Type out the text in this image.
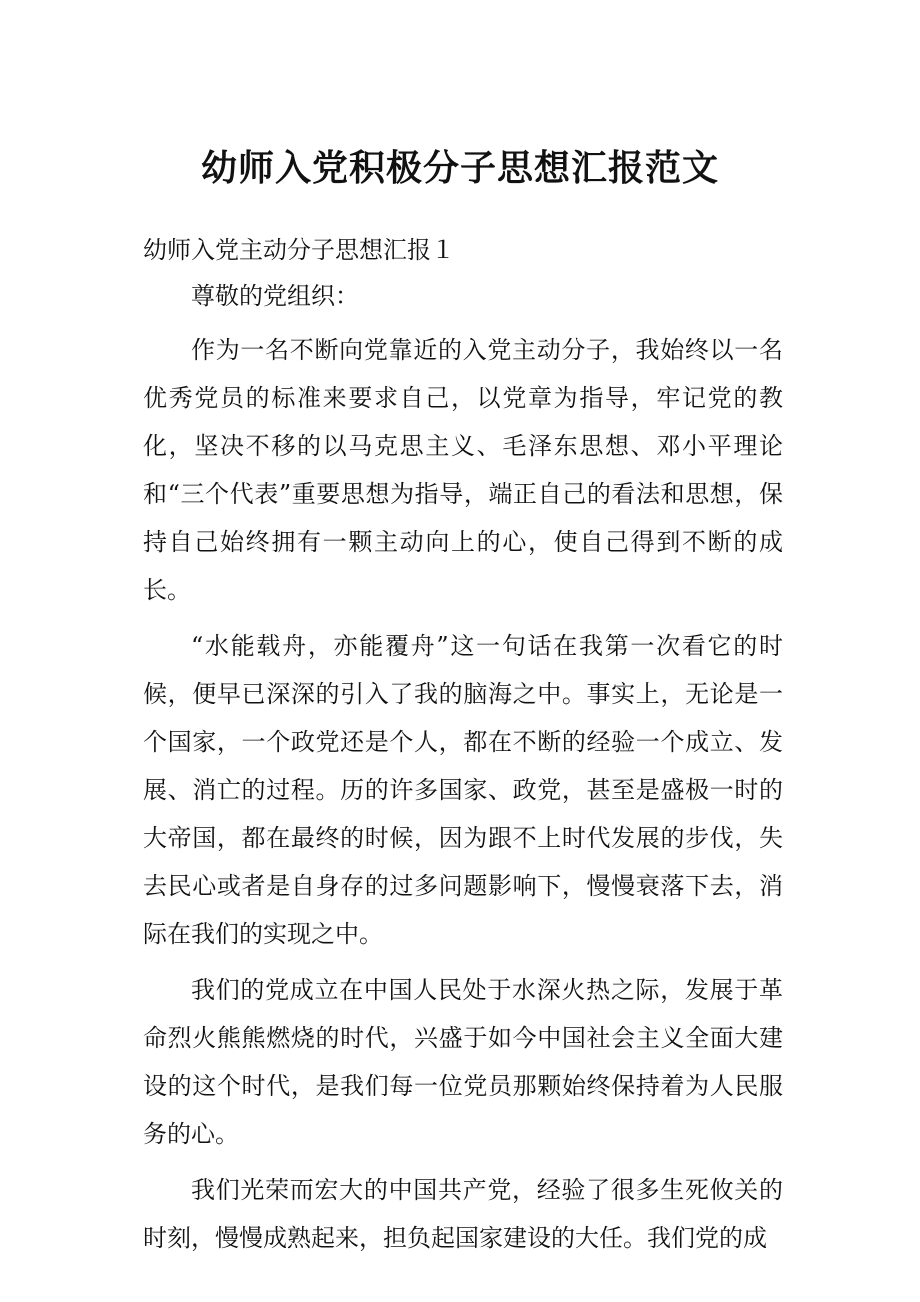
幼师入党积极分子思想汇报范文
幼师入党主动分子思想汇报１

尊敬的党组织：

作为一名不断向党靠近的入党主动分子，我始终以一名优秀党员的标准来要求自己，以党章为指导，牢记党的教化，坚决不移的以马克思主义、毛泽东思想、邓小平理论和“三个代表”重要思想为指导，端正自己的看法和思想，保持自己始终拥有一颗主动向上的心，使自己得到不断的成长。

“水能载舟，亦能覆舟”这一句话在我第一次看它的时候，便早已深深的引入了我的脑海之中。事实上，无论是一个国家，一个政党还是个人，都在不断的经验一个成立、发展、消亡的过程。历的许多国家、政党，甚至是盛极一时的大帝国，都在最终的时候，因为跟不上时代发展的步伐，失去民心或者是自身存的过多问题影响下，慢慢衰落下去，消际在我们的实现之中。

我们的党成立在中国人民处于水深火热之际，发展于革命烈火熊熊燃烧的时代，兴盛于如今中国社会主义全面大建设的这个时代，是我们每一位党员那颗始终保持着为人民服务的心。

我们光荣而宏大的中国共产党，经验了很多生死攸关的时刻，慢慢成熟起来，担负起国家建设的大任。我们党的成
